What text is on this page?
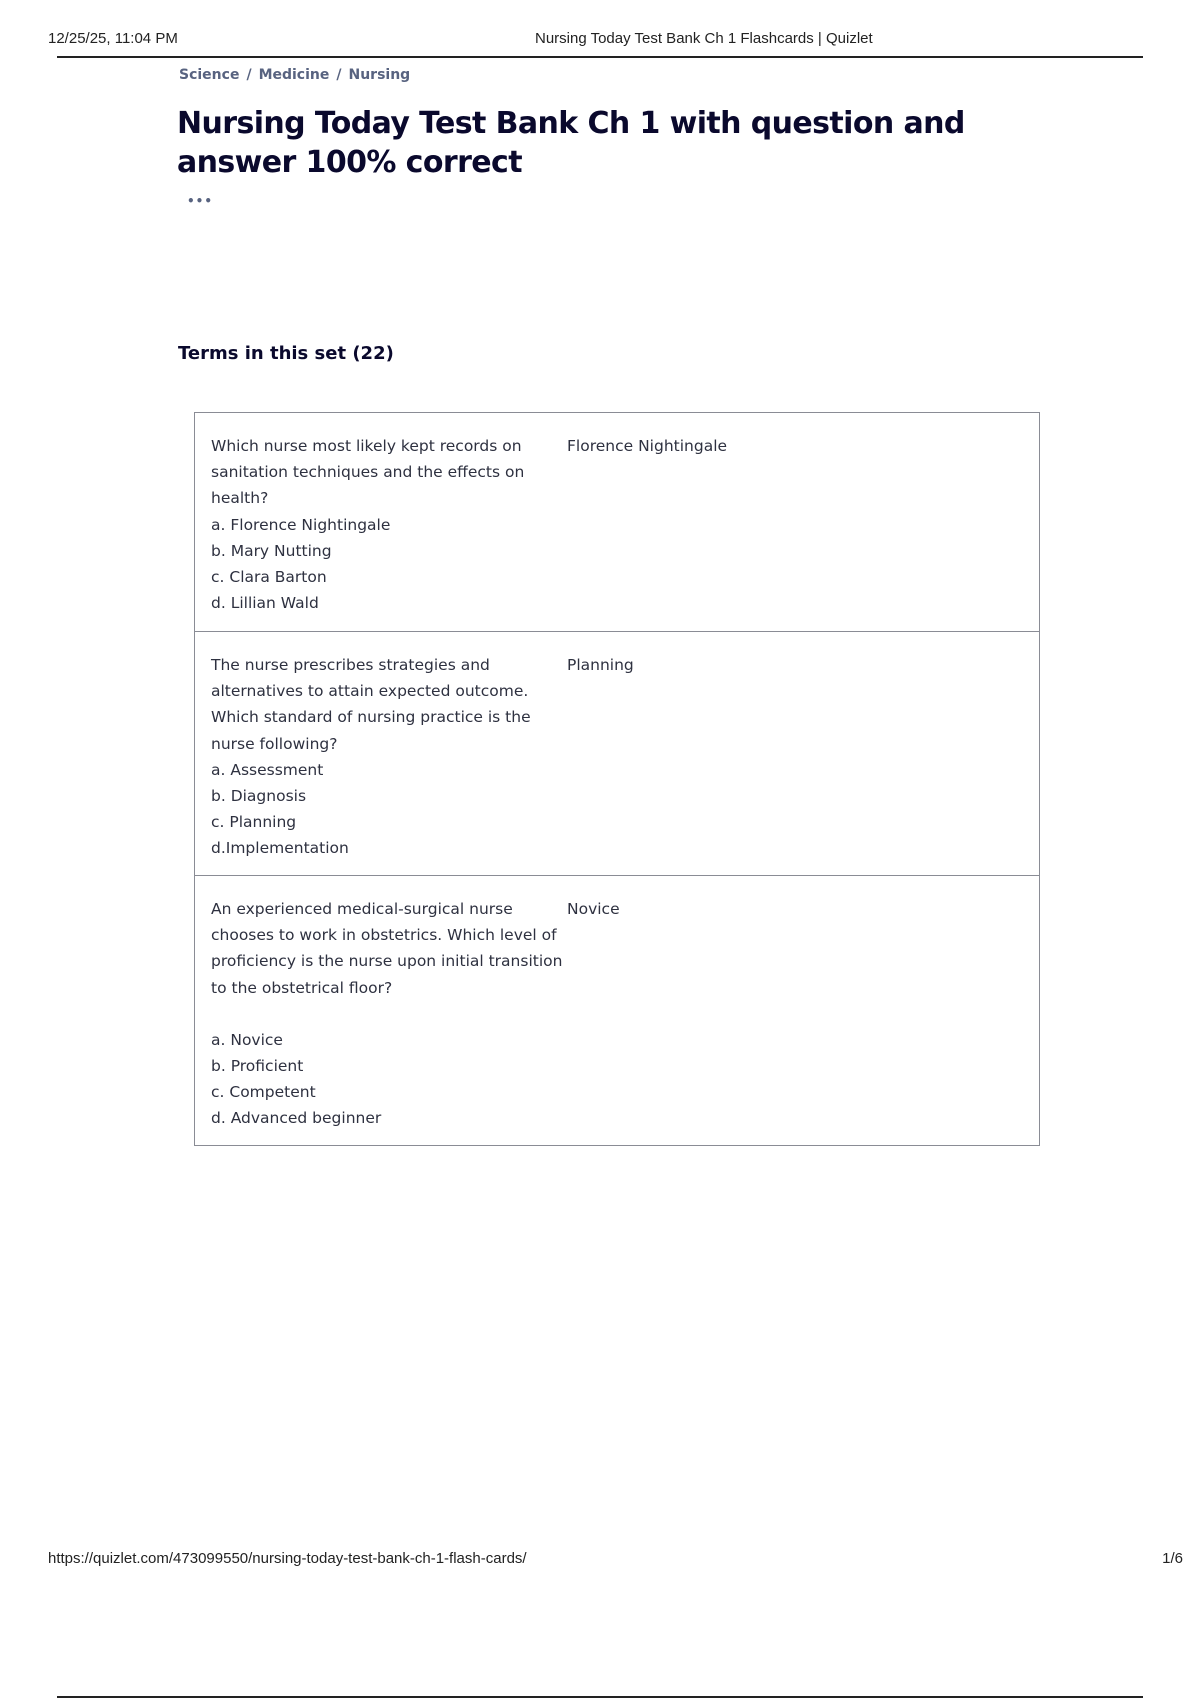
12/25/25, 11:04 PM	Nursing Today Test Bank Ch 1 Flashcards | Quizlet
Science / Medicine / Nursing
Nursing Today Test Bank Ch 1 with question and answer 100% correct
•••
Terms in this set (22)
Which nurse most likely kept records on sanitation techniques and the effects on health?
a. Florence Nightingale
b. Mary Nutting
c. Clara Barton
d. Lillian Wald
Florence Nightingale
The nurse prescribes strategies and alternatives to attain expected outcome. Which standard of nursing practice is the nurse following?
a. Assessment
b. Diagnosis
c. Planning
d.Implementation
Planning
An experienced medical-surgical nurse chooses to work in obstetrics. Which level of proficiency is the nurse upon initial transition to the obstetrical floor?
a. Novice
b. Proficient
c. Competent
d. Advanced beginner
Novice
https://quizlet.com/473099550/nursing-today-test-bank-ch-1-flash-cards/	1/6
